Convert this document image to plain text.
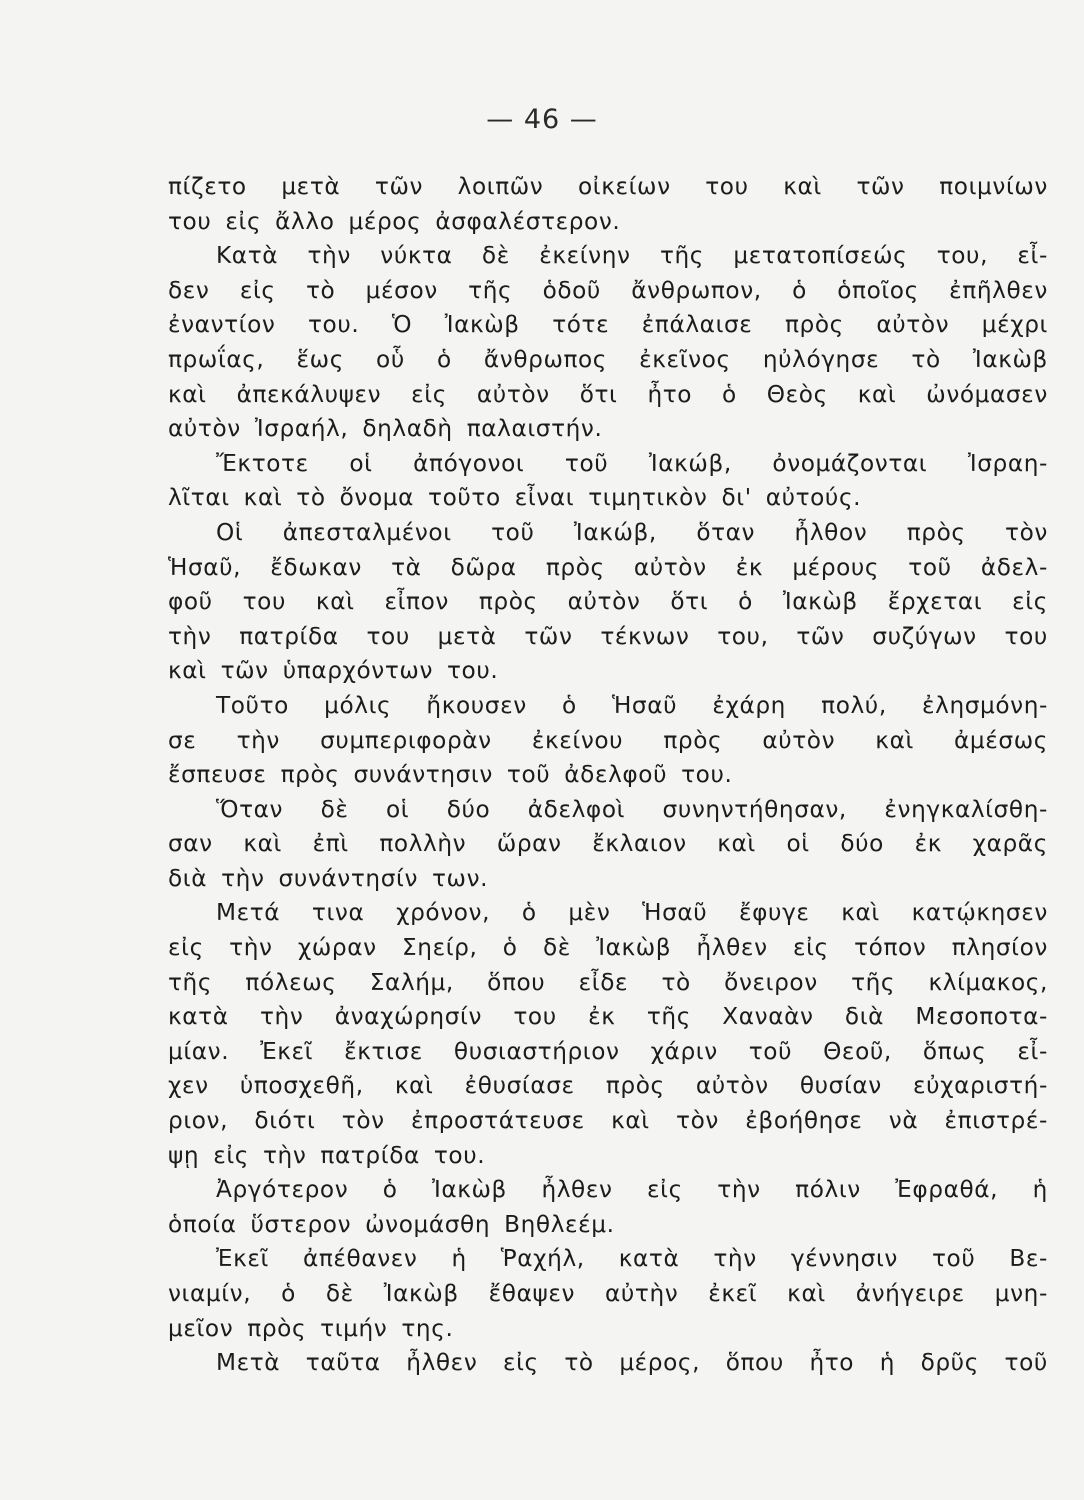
— 46 —
πίζετο μετὰ τῶν λοιπῶν οἰκείων του καὶ τῶν ποιμνίων
του εἰς ἄλλο μέρος ἀσφαλέστερον.
Κατὰ τὴν νύκτα δὲ ἐκείνην τῆς μετατοπίσεώς του, εἶ-
δεν εἰς τὸ μέσον τῆς ὁδοῦ ἄνθρωπον, ὁ ὁποῖος ἐπῆλθεν
ἐναντίον του. Ὁ Ἰακὼβ τότε ἐπάλαισε πρὸς αὐτὸν μέχρι
πρωΐας, ἕως οὗ ὁ ἄνθρωπος ἐκεῖνος ηὐλόγησε τὸ Ἰακὼβ
καὶ ἀπεκάλυψεν εἰς αὐτὸν ὅτι ἦτο ὁ Θεὸς καὶ ὠνόμασεν
αὐτὸν Ἰσραήλ, δηλαδὴ παλαιστήν.
Ἔκτοτε οἱ ἀπόγονοι τοῦ Ἰακώβ, ὀνομάζονται Ἰσραη-
λῖται καὶ τὸ ὄνομα τοῦτο εἶναι τιμητικὸν δι' αὐτούς.
Οἱ ἀπεσταλμένοι τοῦ Ἰακώβ, ὅταν ἦλθον πρὸς τὸν
Ἡσαῦ, ἔδωκαν τὰ δῶρα πρὸς αὐτὸν ἐκ μέρους τοῦ ἀδελ-
φοῦ του καὶ εἶπον πρὸς αὐτὸν ὅτι ὁ Ἰακὼβ ἔρχεται εἰς
τὴν πατρίδα του μετὰ τῶν τέκνων του, τῶν συζύγων του
καὶ τῶν ὑπαρχόντων του.
Τοῦτο μόλις ἤκουσεν ὁ Ἡσαῦ ἐχάρη πολύ, ἐλησμόνη-
σε τὴν συμπεριφορὰν ἐκείνου πρὸς αὐτὸν καὶ ἀμέσως
ἔσπευσε πρὸς συνάντησιν τοῦ ἀδελφοῦ του.
Ὅταν δὲ οἱ δύο ἀδελφοὶ συνηντήθησαν, ἐνηγκαλίσθη-
σαν καὶ ἐπὶ πολλὴν ὥραν ἔκλαιον καὶ οἱ δύο ἐκ χαρᾶς
διὰ τὴν συνάντησίν των.
Μετά τινα χρόνον, ὁ μὲν Ἡσαῦ ἔφυγε καὶ κατῴκησεν
εἰς τὴν χώραν Σηείρ, ὁ δὲ Ἰακὼβ ἦλθεν εἰς τόπον πλησίον
τῆς πόλεως Σαλήμ, ὅπου εἶδε τὸ ὄνειρον τῆς κλίμακος,
κατὰ τὴν ἀναχώρησίν του ἐκ τῆς Χαναὰν διὰ Μεσοποτα-
μίαν. Ἐκεῖ ἔκτισε θυσιαστήριον χάριν τοῦ Θεοῦ, ὅπως εἶ-
χεν ὑποσχεθῆ, καὶ ἐθυσίασε πρὸς αὐτὸν θυσίαν εὐχαριστή-
ριον, διότι τὸν ἐπροστάτευσε καὶ τὸν ἐβοήθησε νὰ ἐπιστρέ-
ψῃ εἰς τὴν πατρίδα του.
Ἀργότερον ὁ Ἰακὼβ ἦλθεν εἰς τὴν πόλιν Ἐφραθά, ἡ
ὁποία ὕστερον ὠνομάσθη Βηθλεέμ.
Ἐκεῖ ἀπέθανεν ἡ Ῥαχήλ, κατὰ τὴν γέννησιν τοῦ Βε-
νιαμίν, ὁ δὲ Ἰακὼβ ἔθαψεν αὐτὴν ἐκεῖ καὶ ἀνήγειρε μνη-
μεῖον πρὸς τιμήν της.
Μετὰ ταῦτα ἦλθεν εἰς τὸ μέρος, ὅπου ἦτο ἡ δρῦς τοῦ
